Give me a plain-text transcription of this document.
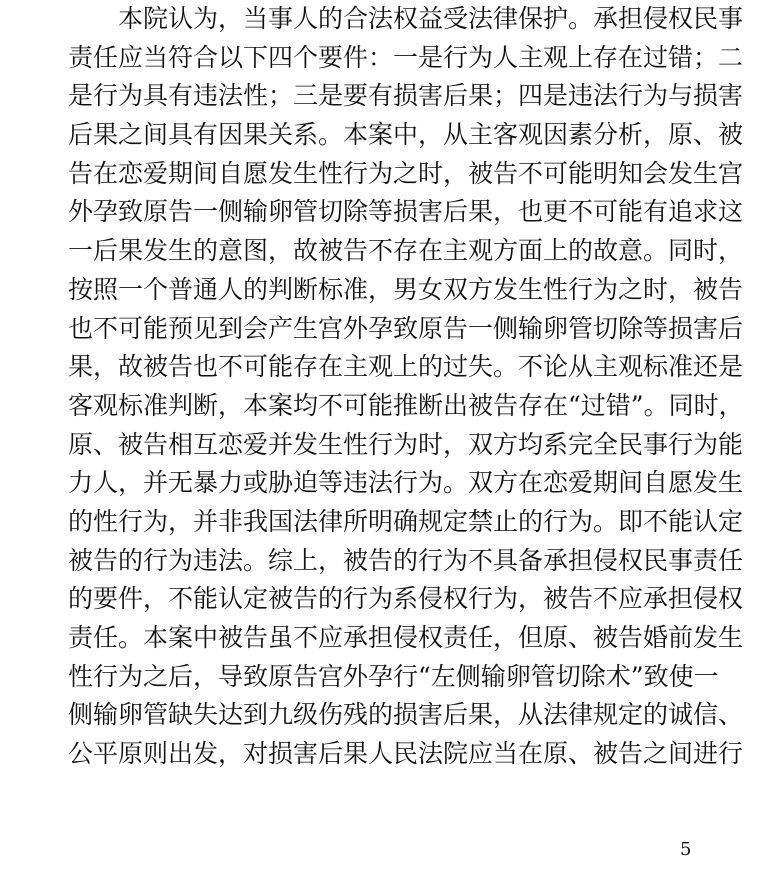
本院认为，当事人的合法权益受法律保护。承担侵权民事
责任应当符合以下四个要件：一是行为人主观上存在过错；二
是行为具有违法性；三是要有损害后果；四是违法行为与损害
后果之间具有因果关系。本案中，从主客观因素分析，原、被
告在恋爱期间自愿发生性行为之时，被告不可能明知会发生宫
外孕致原告一侧输卵管切除等损害后果，也更不可能有追求这
一后果发生的意图，故被告不存在主观方面上的故意。同时，
按照一个普通人的判断标准，男女双方发生性行为之时，被告
也不可能预见到会产生宫外孕致原告一侧输卵管切除等损害后
果，故被告也不可能存在主观上的过失。不论从主观标准还是
客观标准判断，本案均不可能推断出被告存在“过错”。同时，
原、被告相互恋爱并发生性行为时，双方均系完全民事行为能
力人，并无暴力或胁迫等违法行为。双方在恋爱期间自愿发生
的性行为，并非我国法律所明确规定禁止的行为。即不能认定
被告的行为违法。综上，被告的行为不具备承担侵权民事责任
的要件，不能认定被告的行为系侵权行为，被告不应承担侵权
责任。本案中被告虽不应承担侵权责任，但原、被告婚前发生
性行为之后，导致原告宫外孕行“左侧输卵管切除术”致使一
侧输卵管缺失达到九级伤残的损害后果，从法律规定的诚信、
公平原则出发，对损害后果人民法院应当在原、被告之间进行
5
